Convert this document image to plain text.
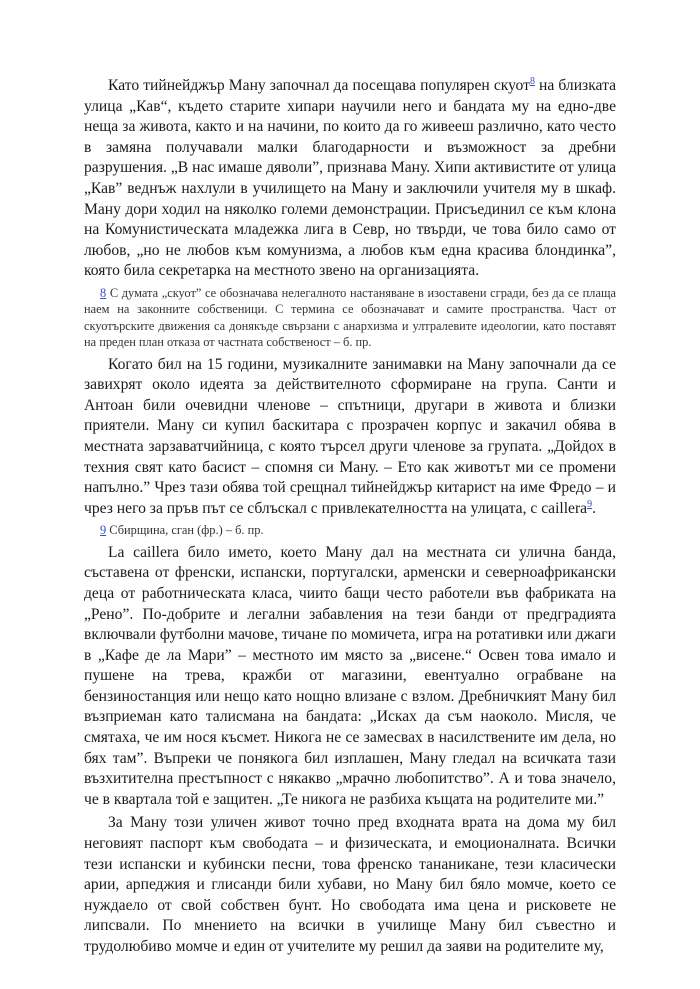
Като тийнейджър Ману започнал да посещава популярен скуот$^8$ на близката улица „Кав“, където старите хипари научили него и бандата му на едно-две неща за живота, както и на начини, по които да го живееш различно, като честo в замяна получавали малки благодарности и възможност за дребни разрушения. „В нас имаше дяволи”, признава Ману. Хипи активистите от улица „Кав” веднъж нахлули в училището на Ману и заключили учителя му в шкаф. Ману дори ходил на няколко големи демонстрации. Присъединил се към клона на Комунистическата младежка лига в Севр, но твърди, че това било само от любов, „но не любов към комунизма, а любов към една красива блондинка”, която била секретарка на местното звено на организацията.

8 С думата „скуот” се обозначава нелегалното настаняване в изоставени сгради, без да се плаща наем на законните собственици. С термина се обозначават и самите пространства. Част от скуотърските движения са донякъде свързани с анархизма и ултралевите идеологии, като поставят на преден план отказа от частната собственост – б. пр.

Когато бил на 15 години, музикалните занимавки на Ману започнали да се завихрят около идеята за действителното сформиране на група. Санти и Антоан били очевидни членове – спътници, другари в живота и близки приятели. Ману си купил баскитара с прозрачен корпус и закачил обява в местната зарзаватчийница, с която търсел други членове за групата. „Дойдох в техния свят като басист – спомня си Ману. – Ето как животът ми се промени напълно.” Чрез тази обява той срещнал тийнейджър китарист на име Фредо – и чрез него за пръв път се сблъскал с привлекателността на улицата, с caillera$^9$.

9 Сбирщина, сган (фр.) – б. пр.

La caillera било името, което Ману дал на местната си улична банда, съставена от френски, испански, португалски, арменски и северноафрикански деца от работническата класа, чиито бащи често работели във фабриката на „Рено”. По-добрите и легални забавления на тези банди от предградията включвали футболни мачове, тичане по момичета, игра на ротативки или джаги в „Кафе де ла Мари” – местното им място за „висене.“ Освен това имало и пушене на трева, кражби от магазини, евентуално ограбване на бензиностанция или нещо като нощно влизане с взлом. Дребничкият Ману бил възприеман като талисмана на бандата: „Исках да съм наоколо. Мисля, че смятаха, че им нося късмет. Никога не се замесвах в насилствените им дела, но бях там”. Въпреки че понякога бил изплашен, Ману гледал на всичката тази възхитителна престъпност с някакво „мрачно любопитство”. А и това значело, че в квартала той е защитен. „Те никога не разбиха къщата на родителите ми.”

За Ману този уличен живот точно пред входната врата на дома му бил неговият паспорт към свободата – и физическата, и емоционалната. Всички тези испански и кубински песни, това френско тананикане, тези класически арии, арпеджия и глисанди били хубави, но Ману бил бяло момче, което се нуждаело от свой собствен бунт. Но свободата има цена и рисковете не липсвали. По мнението на всички в училище Ману бил съвестно и трудолюбиво момче и един от учителите му решил да заяви на родителите му,
